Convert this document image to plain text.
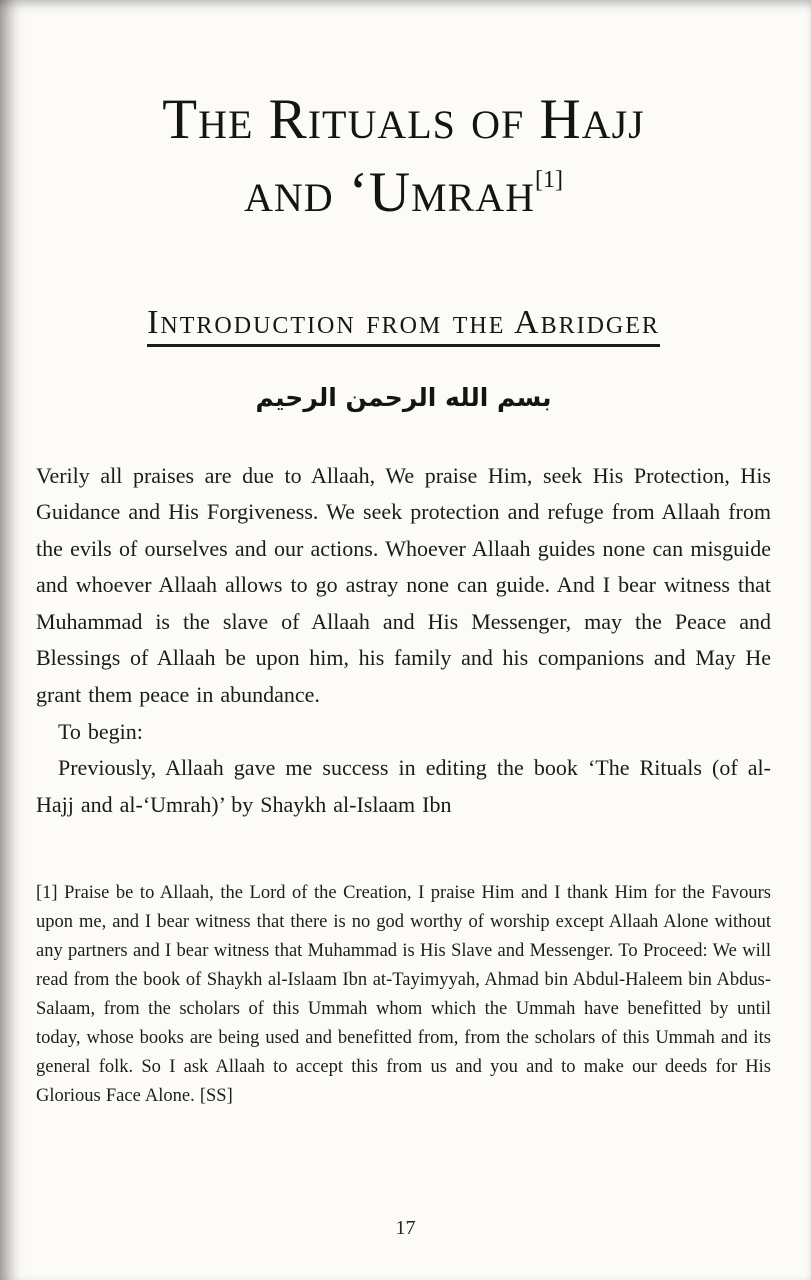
The Rituals of Hajj
and ‘Umrah[1]
Introduction from the Abridger
بسم الله الرحمن الرحيم

Verily all praises are due to Allaah, We praise Him, seek His Protection, His Guidance and His Forgiveness. We seek protection and refuge from Allaah from the evils of ourselves and our actions. Whoever Allaah guides none can misguide and whoever Allaah allows to go astray none can guide. And I bear witness that Muhammad is the slave of Allaah and His Messenger, may the Peace and Blessings of Allaah be upon him, his family and his companions and May He grant them peace in abundance.

To begin:

Previously, Allaah gave me success in editing the book ‘The Rituals (of al-Hajj and al-‘Umrah)’ by Shaykh al-Islaam Ibn

[1] Praise be to Allaah, the Lord of the Creation, I praise Him and I thank Him for the Favours upon me, and I bear witness that there is no god worthy of worship except Allaah Alone without any partners and I bear witness that Muhammad is His Slave and Messenger. To Proceed: We will read from the book of Shaykh al-Islaam Ibn at-Tayimyyah, Ahmad bin Abdul-Haleem bin Abdus-Salaam, from the scholars of this Ummah whom which the Ummah have benefitted by until today, whose books are being used and benefitted from, from the scholars of this Ummah and its general folk. So I ask Allaah to accept this from us and you and to make our deeds for His Glorious Face Alone. [SS]
17
